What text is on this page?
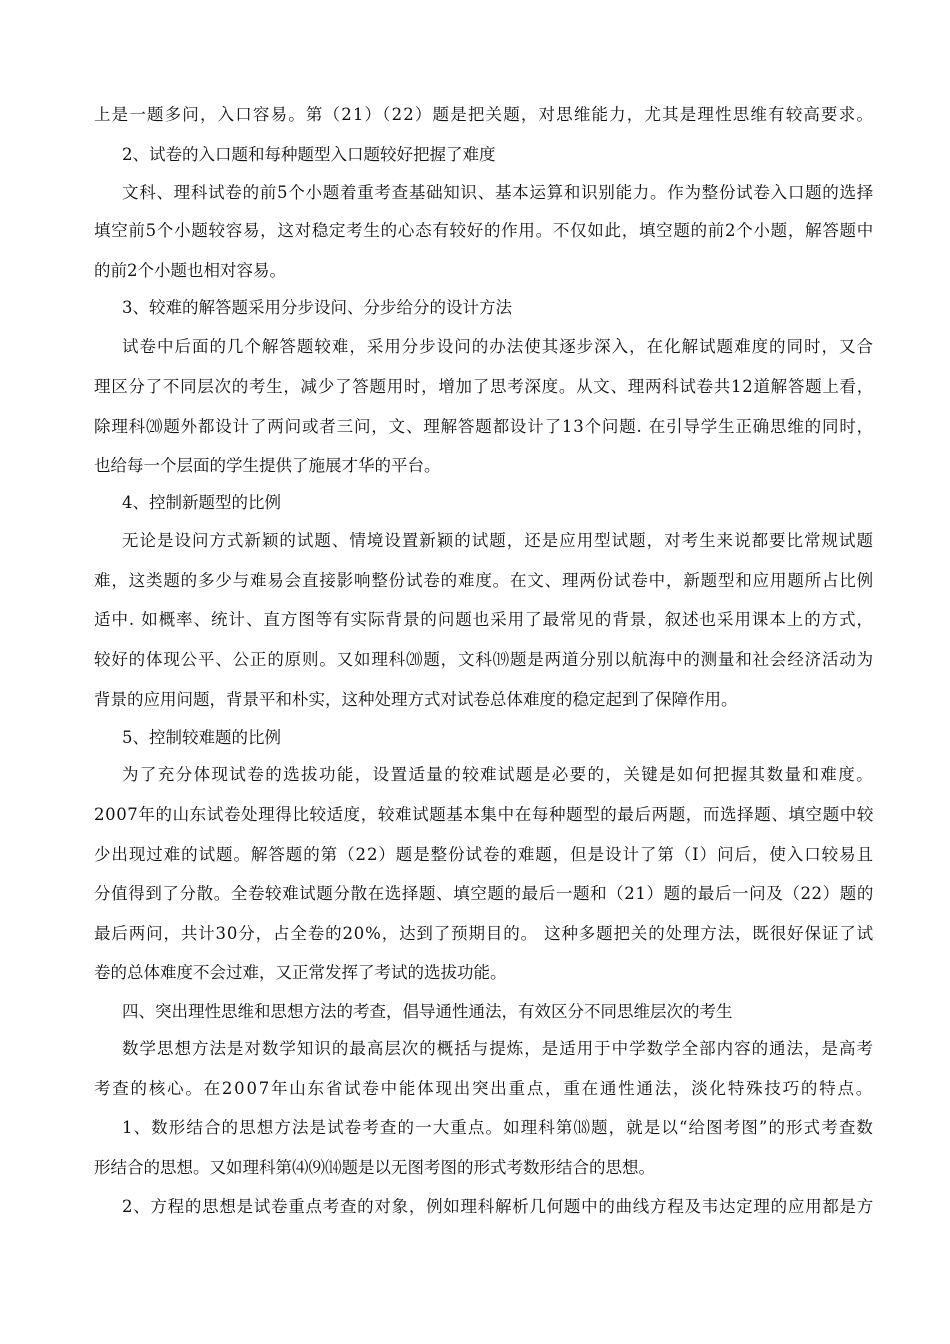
上是一题多问，入口容易。第（21）（22）题是把关题，对思维能力，尤其是理性思维有较高要求。
2、试卷的入口题和每种题型入口题较好把握了难度
文科、理科试卷的前5个小题着重考查基础知识、基本运算和识别能力。作为整份试卷入口题的选择
填空前5个小题较容易，这对稳定考生的心态有较好的作用。不仅如此，填空题的前2个小题，解答题中
的前2个小题也相对容易。
3、较难的解答题采用分步设问、分步给分的设计方法
试卷中后面的几个解答题较难，采用分步设问的办法使其逐步深入，在化解试题难度的同时，又合
理区分了不同层次的考生，减少了答题用时，增加了思考深度。从文、理两科试卷共12道解答题上看，
除理科⒇题外都设计了两问或者三问，文、理解答题都设计了13个问题. 在引导学生正确思维的同时，
也给每一个层面的学生提供了施展才华的平台。
4、控制新题型的比例
无论是设问方式新颖的试题、情境设置新颖的试题，还是应用型试题，对考生来说都要比常规试题
难，这类题的多少与难易会直接影响整份试卷的难度。在文、理两份试卷中，新题型和应用题所占比例
适中. 如概率、统计、直方图等有实际背景的问题也采用了最常见的背景，叙述也采用课本上的方式，
较好的体现公平、公正的原则。又如理科⒇题，文科⒆题是两道分别以航海中的测量和社会经济活动为
背景的应用问题，背景平和朴实，这种处理方式对试卷总体难度的稳定起到了保障作用。
5、控制较难题的比例
为了充分体现试卷的选拔功能，设置适量的较难试题是必要的，关键是如何把握其数量和难度。
2007年的山东试卷处理得比较适度，较难试题基本集中在每种题型的最后两题，而选择题、填空题中较
少出现过难的试题。解答题的第（22）题是整份试卷的难题，但是设计了第（Ⅰ）问后，使入口较易且
分值得到了分散。全卷较难试题分散在选择题、填空题的最后一题和（21）题的最后一问及（22）题的
最后两问，共计30分，占全卷的20%，达到了预期目的。 这种多题把关的处理方法，既很好保证了试
卷的总体难度不会过难，又正常发挥了考试的选拔功能。
四、突出理性思维和思想方法的考查，倡导通性通法，有效区分不同思维层次的考生
数学思想方法是对数学知识的最高层次的概括与提炼，是适用于中学数学全部内容的通法，是高考
考查的核心。在2007年山东省试卷中能体现出突出重点，重在通性通法，淡化特殊技巧的特点。
1、数形结合的思想方法是试卷考查的一大重点。如理科第⒅题，就是以“给图考图”的形式考查数
形结合的思想。又如理科第⑷⑼⒁题是以无图考图的形式考数形结合的思想。
2、方程的思想是试卷重点考查的对象，例如理科解析几何题中的曲线方程及韦达定理的应用都是方
